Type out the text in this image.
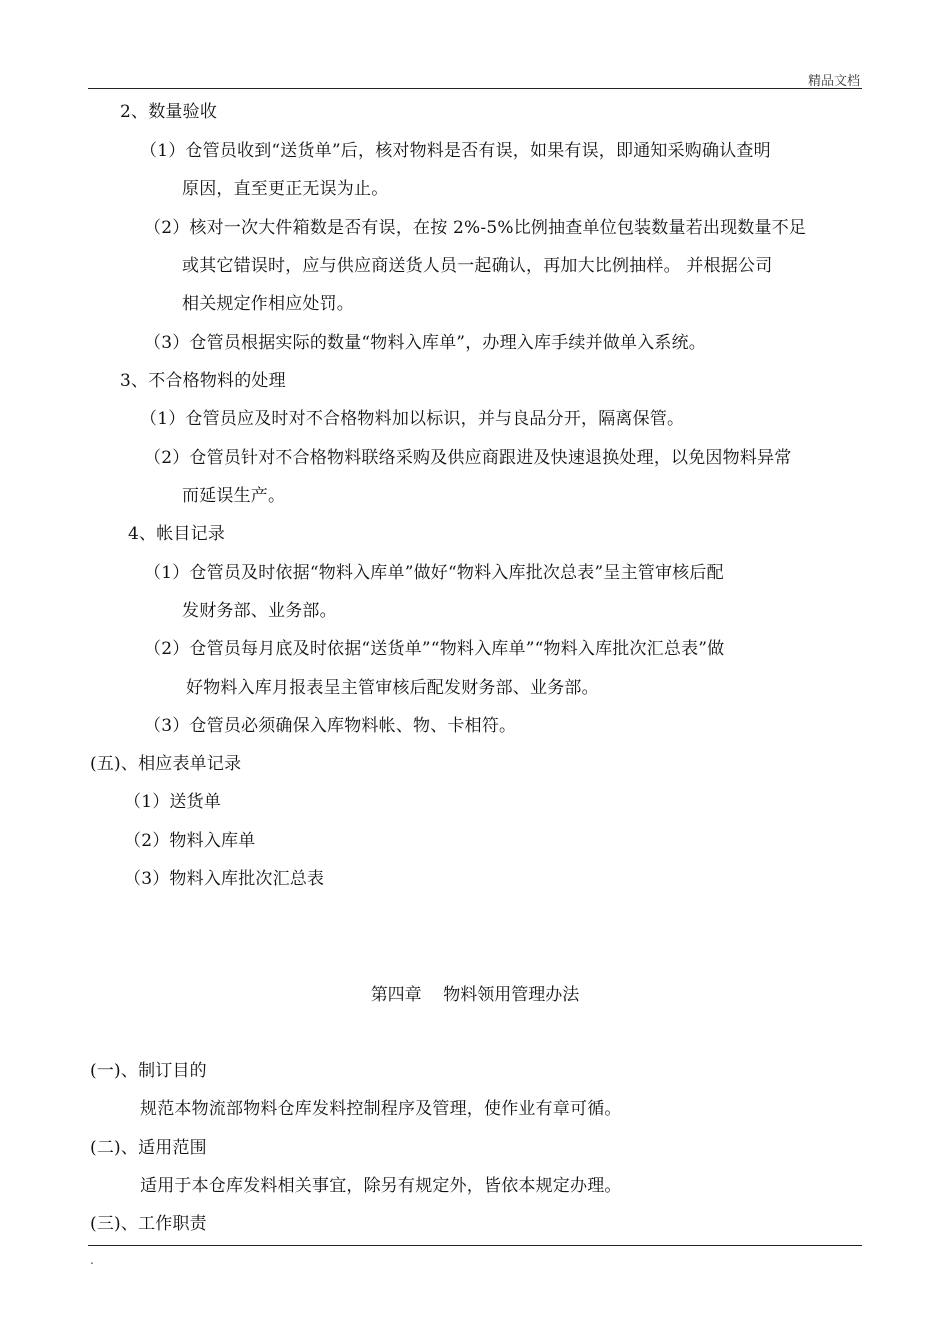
精品文档
2、数量验收
（1）仓管员收到“送货单”后，核对物料是否有误，如果有误，即通知采购确认查明
原因，直至更正无误为止。
（2）核对一次大件箱数是否有误，在按 2%-5%比例抽查单位包装数量若出现数量不足
或其它错误时，应与供应商送货人员一起确认，再加大比例抽样。 并根据公司
相关规定作相应处罚。
（3）仓管员根据实际的数量“物料入库单”，办理入库手续并做单入系统。
3、不合格物料的处理
（1）仓管员应及时对不合格物料加以标识，并与良品分开，隔离保管。
（2）仓管员针对不合格物料联络采购及供应商跟进及快速退换处理，以免因物料异常
而延误生产。
4、帐目记录
（1）仓管员及时依据“物料入库单”做好“物料入库批次总表”呈主管审核后配
发财务部、业务部。
（2）仓管员每月底及时依据“送货单”“物料入库单”“物料入库批次汇总表”做
好物料入库月报表呈主管审核后配发财务部、业务部。
（3）仓管员必须确保入库物料帐、物、卡相符。
(五)、相应表单记录
（1）送货单
（2）物料入库单
（3）物料入库批次汇总表
第四章    物料领用管理办法
(一)、制订目的
规范本物流部物料仓库发料控制程序及管理，使作业有章可循。
(二)、适用范围
适用于本仓库发料相关事宜，除另有规定外，皆依本规定办理。
(三)、工作职责
.
